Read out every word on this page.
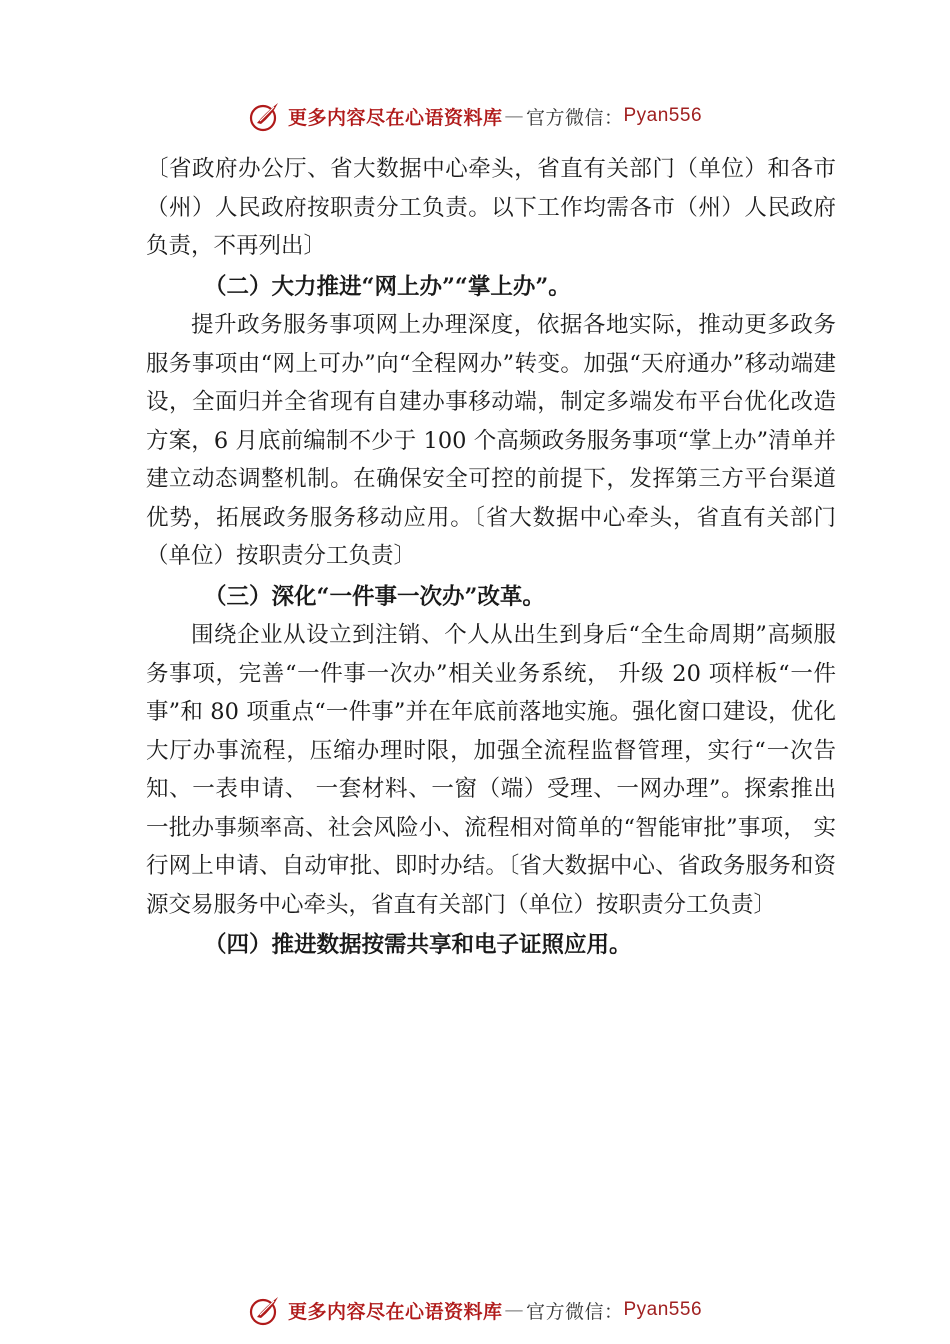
更多内容尽在心语资料库 — 官方微信： Pyan556

〔省政府办公厅、省大数据中心牵头，省直有关部门（单位）和各市（州）人民政府按职责分工负责。以下工作均需各市（州）人民政府负责，不再列出〕

（二）大力推进“网上办”“掌上办”。

提升政务服务事项网上办理深度，依据各地实际，推动更多政务服务事项由“网上可办”向“全程网办”转变。加强“天府通办”移动端建设，全面归并全省现有自建办事移动端，制定多端发布平台优化改造方案，6 月底前编制不少于 100 个高频政务服务事项“掌上办”清单并建立动态调整机制。在确保安全可控的前提下，发挥第三方平台渠道优势，拓展政务服务移动应用。〔省大数据中心牵头，省直有关部门（单位）按职责分工负责〕

（三）深化“一件事一次办”改革。

围绕企业从设立到注销、个人从出生到身后“全生命周期”高频服务事项，完善“一件事一次办”相关业务系统， 升级 20 项样板“一件事”和 80 项重点“一件事”并在年底前落地实施。强化窗口建设，优化大厅办事流程，压缩办理时限，加强全流程监督管理，实行“一次告知、一表申请、 一套材料、一窗（端）受理、一网办理”。探索推出一批办事频率高、社会风险小、流程相对简单的“智能审批”事项， 实行网上申请、自动审批、即时办结。〔省大数据中心、省政务服务和资源交易服务中心牵头，省直有关部门（单位）按职责分工负责〕

（四）推进数据按需共享和电子证照应用。

更多内容尽在心语资料库 — 官方微信： Pyan556
